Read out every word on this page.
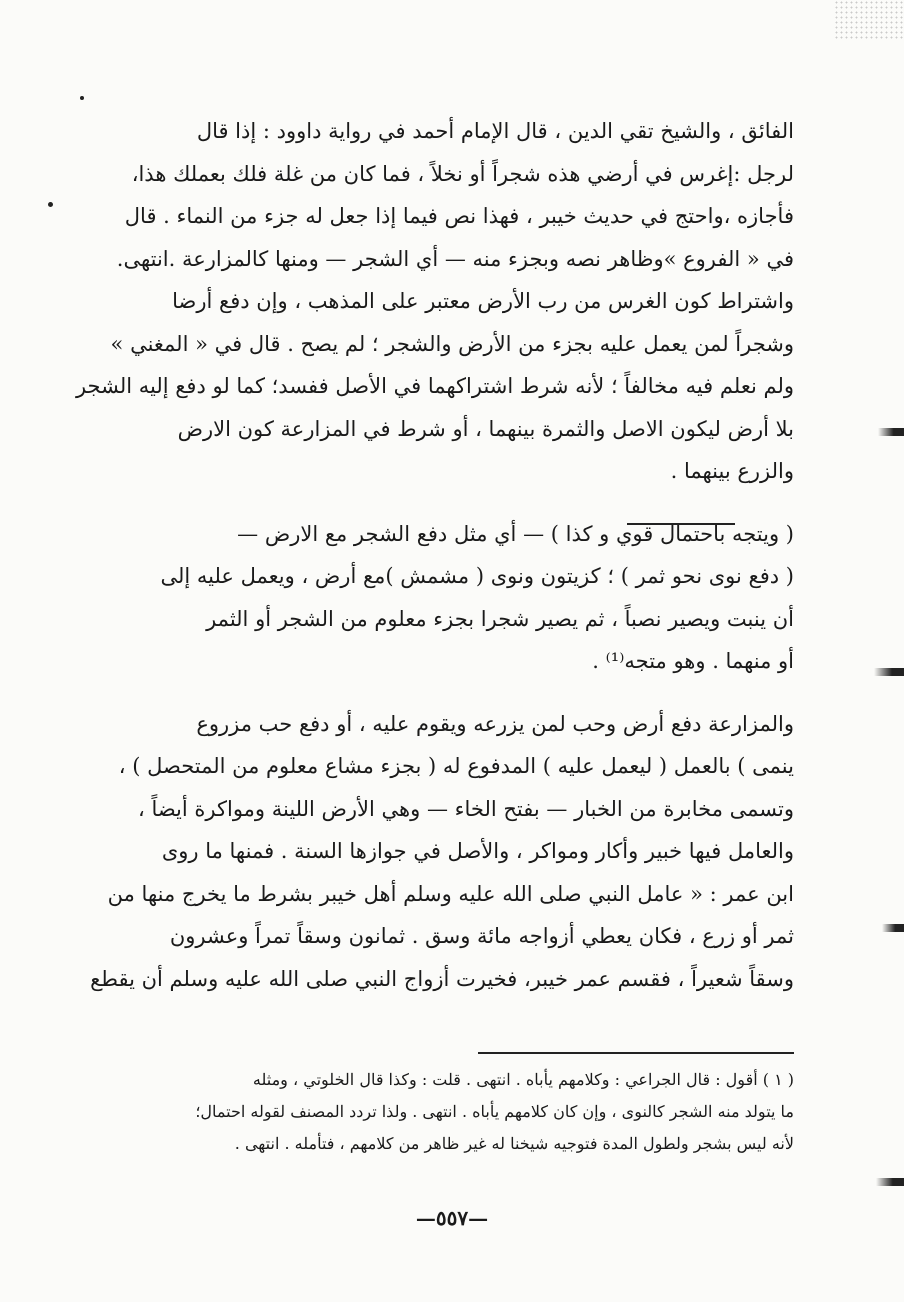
الفائق ، والشيخ تقي الدين ، قال الإمام أحمد في رواية داوود : إذا قال
لرجل :إغرس في أرضي هذه شجراً أو نخلاً ، فما كان من غلة فلك بعملك هذا،
فأجازه ،واحتج في حديث خيبر ، فهذا نص فيما إذا جعل له جزء من النماء . قال
في « الفروع »وظاهر نصه وبجزء منه — أي الشجر — ومنها كالمزارعة .انتهى.
واشتراط كون الغرس من رب الأرض معتبر على المذهب ، وإن دفع أرضا
وشجراً لمن يعمل عليه بجزء من الأرض والشجر ؛ لم يصح . قال في « المغني »
ولم نعلم فيه مخالفاً ؛ لأنه شرط اشتراكهما في الأصل ففسد؛ كما لو دفع إليه الشجر
بلا أرض ليكون الاصل والثمرة بينهما ، أو شرط في المزارعة كون الارض
والزرع بينهما .

( ويتجه باحتمال قوي و كذا ) — أي مثل دفع الشجر مع الارض —
( دفع نوى نحو ثمر ) ؛ كزيتون ونوى ( مشمش )مع أرض ، ويعمل عليه إلى
أن ينبت ويصير نصباً ، ثم يصير شجرا بجزء معلوم من الشجر أو الثمر
أو منهما . وهو متجه⁽¹⁾ .

والمزارعة دفع أرض وحب لمن يزرعه ويقوم عليه ، أو دفع حب مزروع
ينمى ) بالعمل ( ليعمل عليه ) المدفوع له ( بجزء مشاع معلوم من المتحصل ) ،
وتسمى مخابرة من الخبار — بفتح الخاء — وهي الأرض اللينة ومواكرة أيضاً ،
والعامل فيها خبير وأكار ومواكر ، والأصل في جوازها السنة . فمنها ما روى
ابن عمر : « عامل النبي صلى الله عليه وسلم أهل خيبر بشرط ما يخرج منها من
ثمر أو زرع ، فكان يعطي أزواجه مائة وسق . ثمانون وسقاً تمراً وعشرون
وسقاً شعيراً ، فقسم عمر خيبر، فخيرت أزواج النبي صلى الله عليه وسلم أن يقطع

( ١ ) أقول : قال الجراعي : وكلامهم يأباه . انتهى . قلت : وكذا قال الخلوتي ، ومثله
ما يتولد منه الشجر كالنوى ، وإن كان كلامهم يأباه . انتهى . ولذا تردد المصنف لقوله احتمال؛
لأنه ليس بشجر ولطول المدة فتوجيه شيخنا له غير ظاهر من كلامهم ، فتأمله . انتهى .
—٥٥٧—
